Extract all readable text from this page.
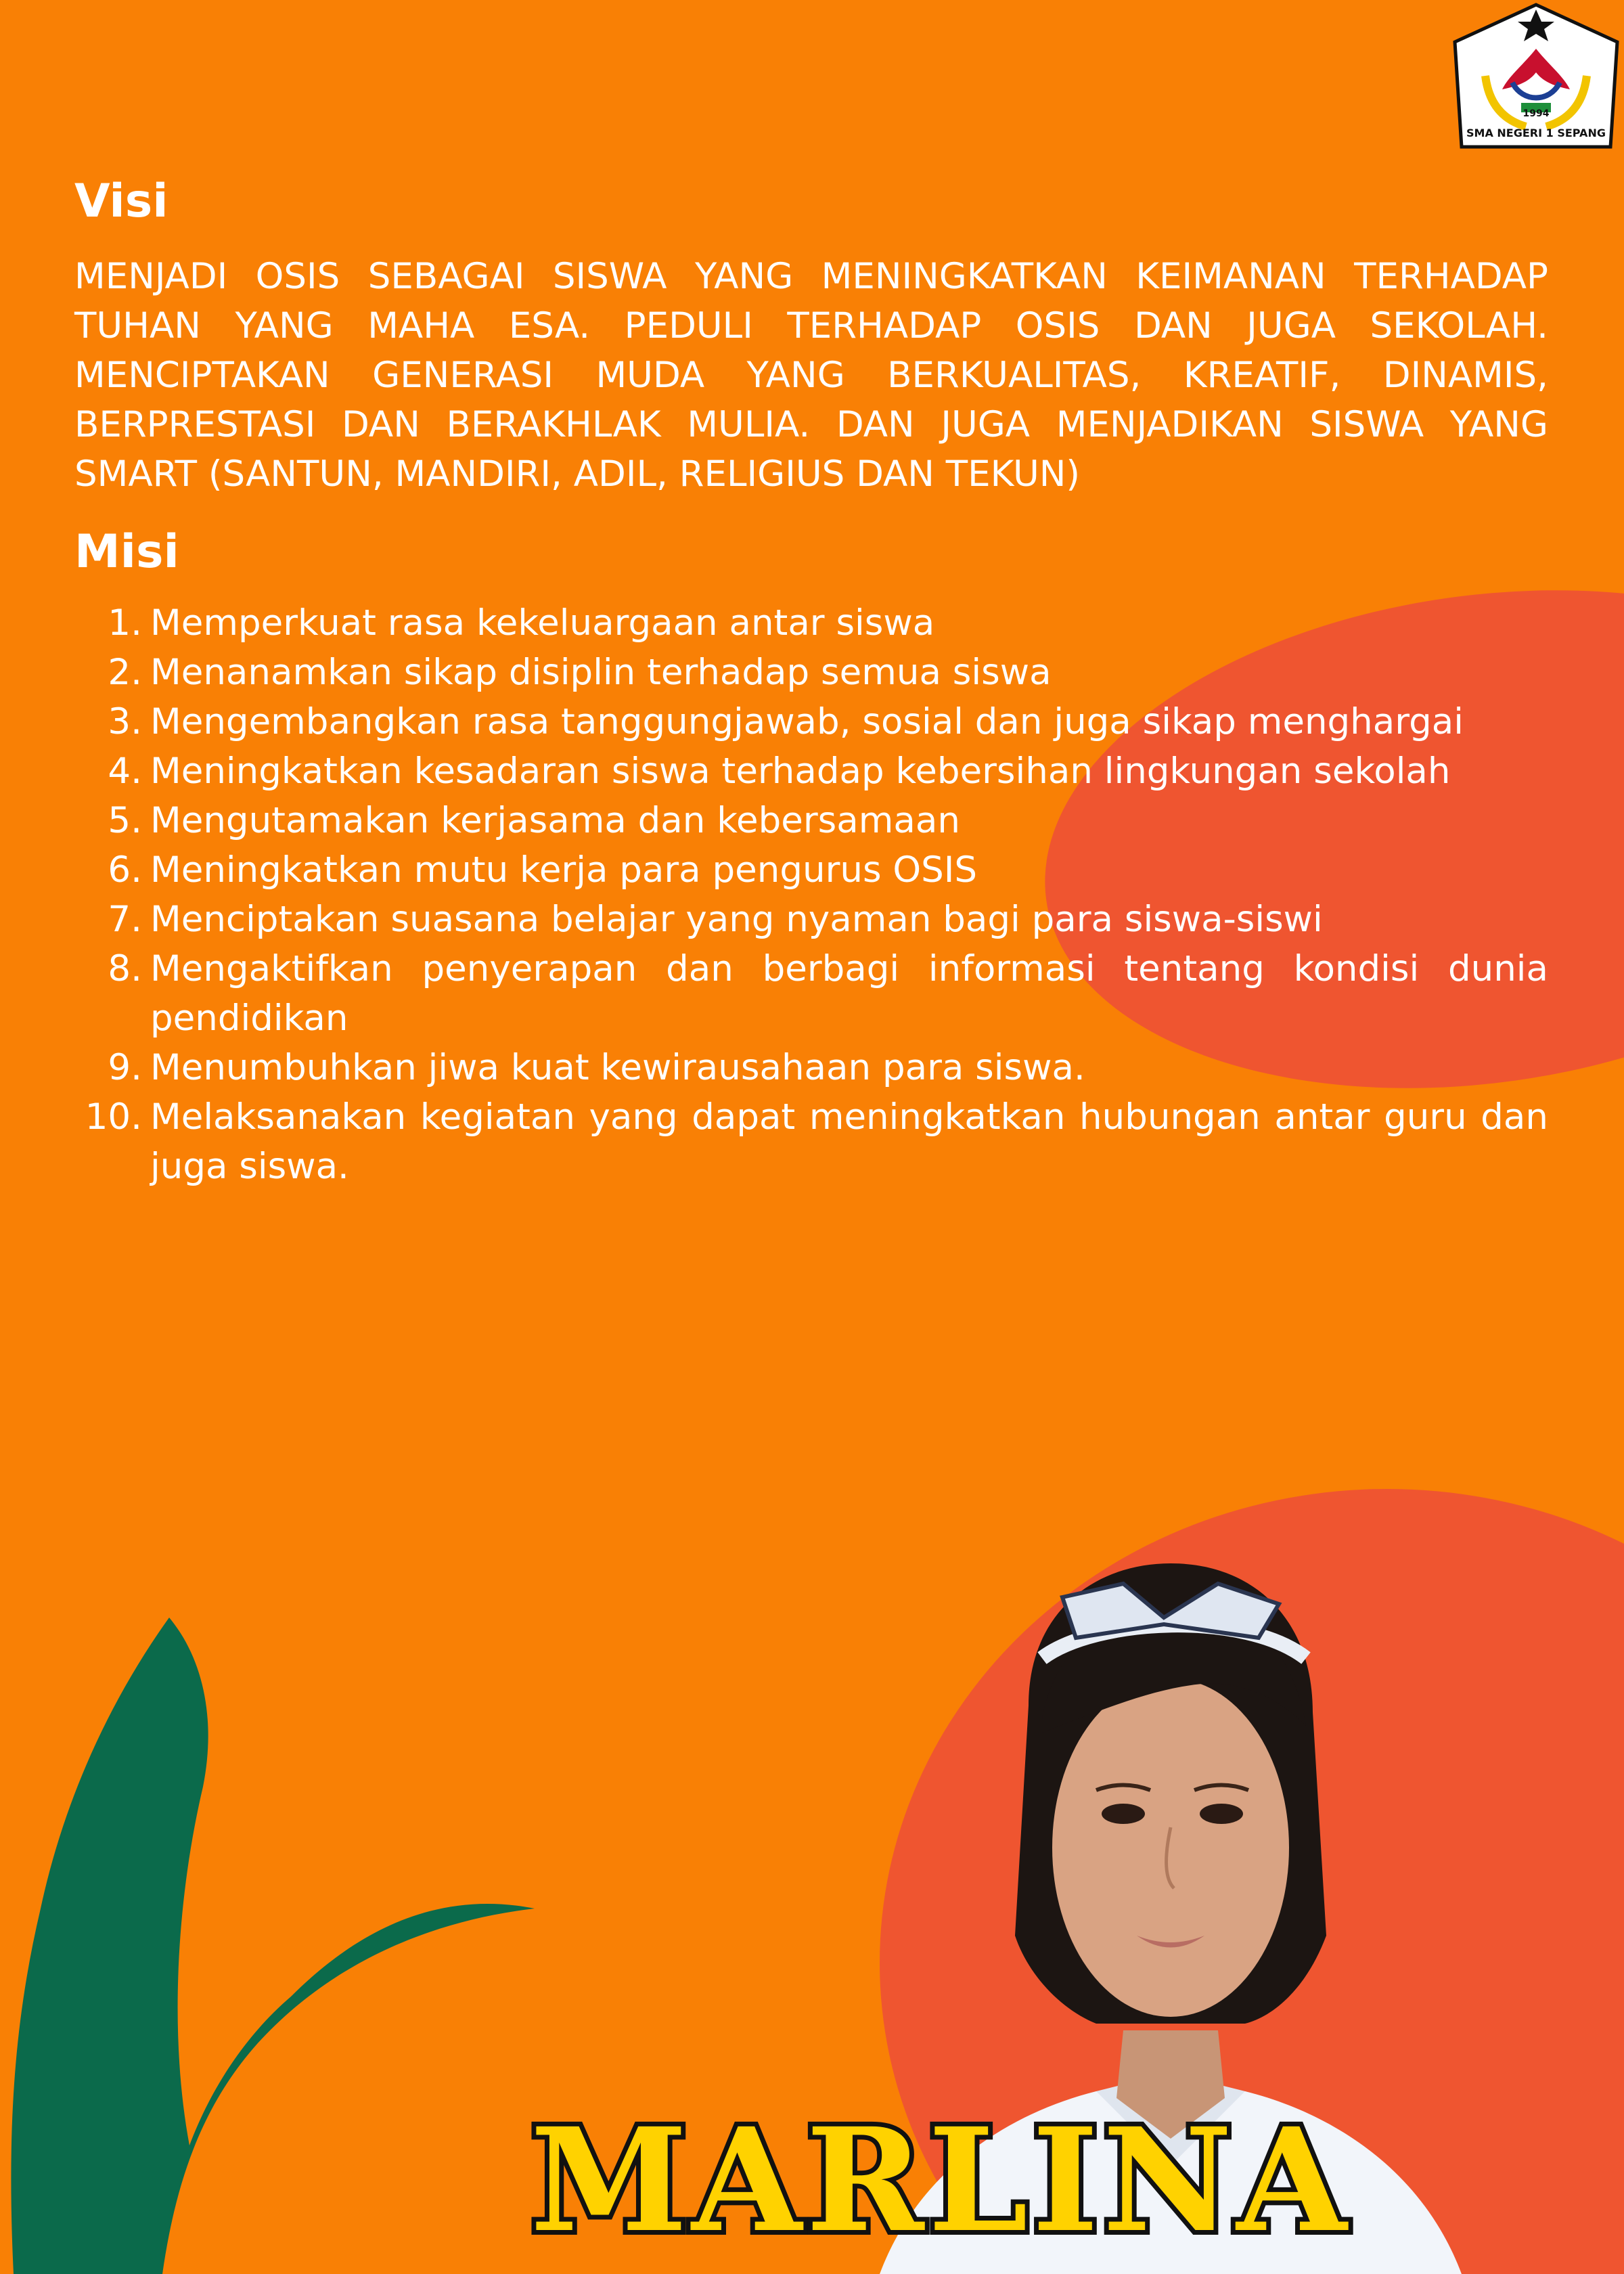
1994
SMA NEGERI 1 SEPANG
Visi

MENJADI OSIS SEBAGAI SISWA YANG MENINGKATKAN KEIMANAN TERHADAP TUHAN YANG MAHA ESA. PEDULI TERHADAP OSIS DAN JUGA SEKOLAH. MENCIPTAKAN GENERASI MUDA YANG BERKUALITAS, KREATIF, DINAMIS, BERPRESTASI DAN BERAKHLAK MULIA. DAN JUGA MENJADIKAN SISWA YANG SMART (SANTUN, MANDIRI, ADIL, RELIGIUS DAN TEKUN)

Misi
1. Memperkuat rasa kekeluargaan antar siswa
2. Menanamkan sikap disiplin terhadap semua siswa
3. Mengembangkan rasa tanggungjawab, sosial dan juga sikap menghargai
4. Meningkatkan kesadaran siswa terhadap kebersihan lingkungan sekolah
5. Mengutamakan kerjasama dan kebersamaan
6. Meningkatkan mutu kerja para pengurus OSIS
7. Menciptakan suasana belajar yang nyaman bagi para siswa-siswi
8. Mengaktifkan penyerapan dan berbagi informasi tentang kondisi dunia pendidikan
9. Menumbuhkan jiwa kuat kewirausahaan para siswa.
10. Melaksanakan kegiatan yang dapat meningkatkan hubungan antar guru dan juga siswa.
MARLINA
